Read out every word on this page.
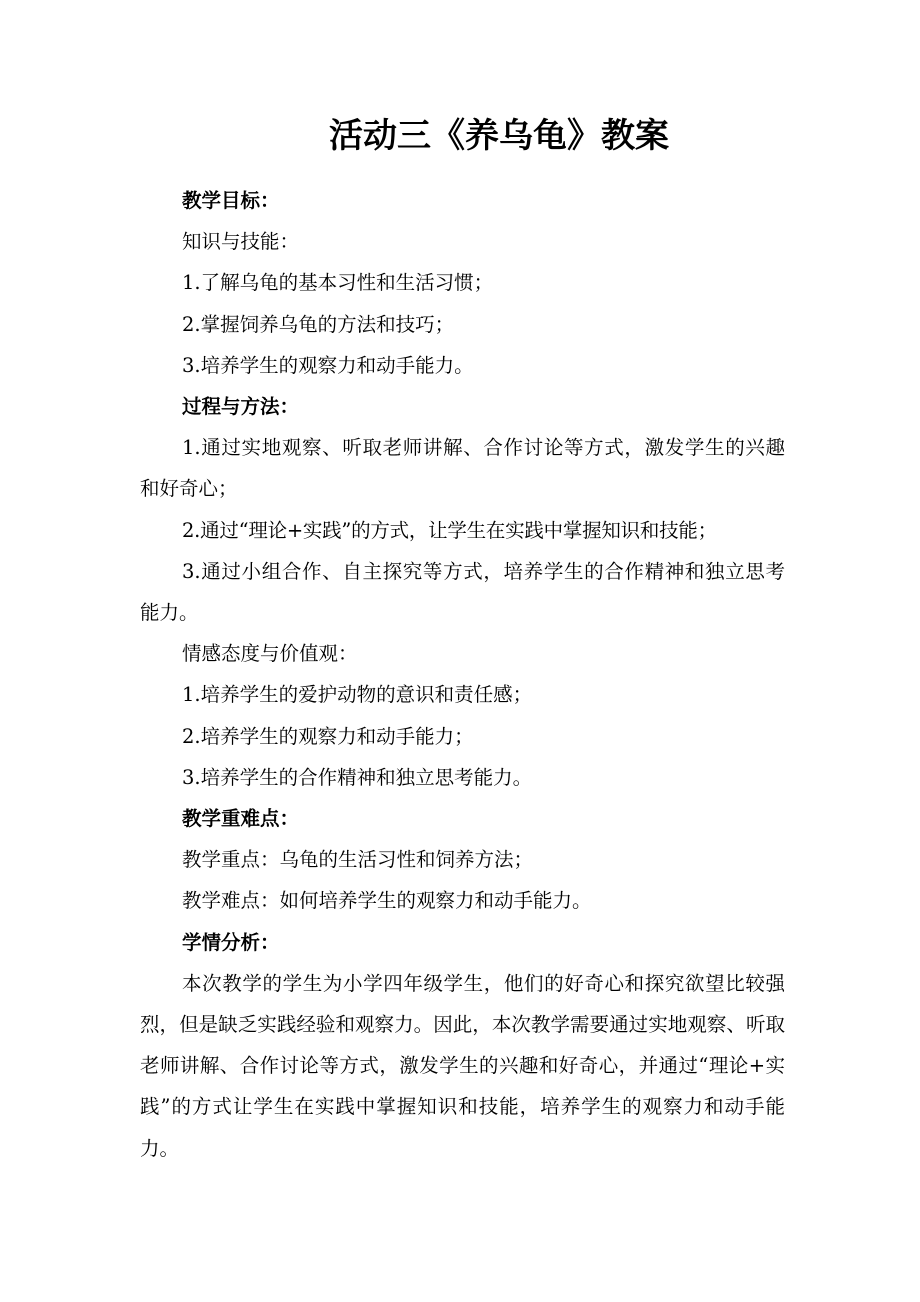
活动三《养乌龟》教案

教学目标：

知识与技能：

1.了解乌龟的基本习性和生活习惯；

2.掌握饲养乌龟的方法和技巧；

3.培养学生的观察力和动手能力。

过程与方法：

1.通过实地观察、听取老师讲解、合作讨论等方式，激发学生的兴趣和好奇心；

2.通过“理论+实践”的方式，让学生在实践中掌握知识和技能；

3.通过小组合作、自主探究等方式，培养学生的合作精神和独立思考能力。

情感态度与价值观：

1.培养学生的爱护动物的意识和责任感；

2.培养学生的观察力和动手能力；

3.培养学生的合作精神和独立思考能力。

教学重难点：

教学重点：乌龟的生活习性和饲养方法；

教学难点：如何培养学生的观察力和动手能力。

学情分析：

本次教学的学生为小学四年级学生，他们的好奇心和探究欲望比较强烈，但是缺乏实践经验和观察力。因此，本次教学需要通过实地观察、听取老师讲解、合作讨论等方式，激发学生的兴趣和好奇心，并通过“理论+实践”的方式让学生在实践中掌握知识和技能，培养学生的观察力和动手能力。
